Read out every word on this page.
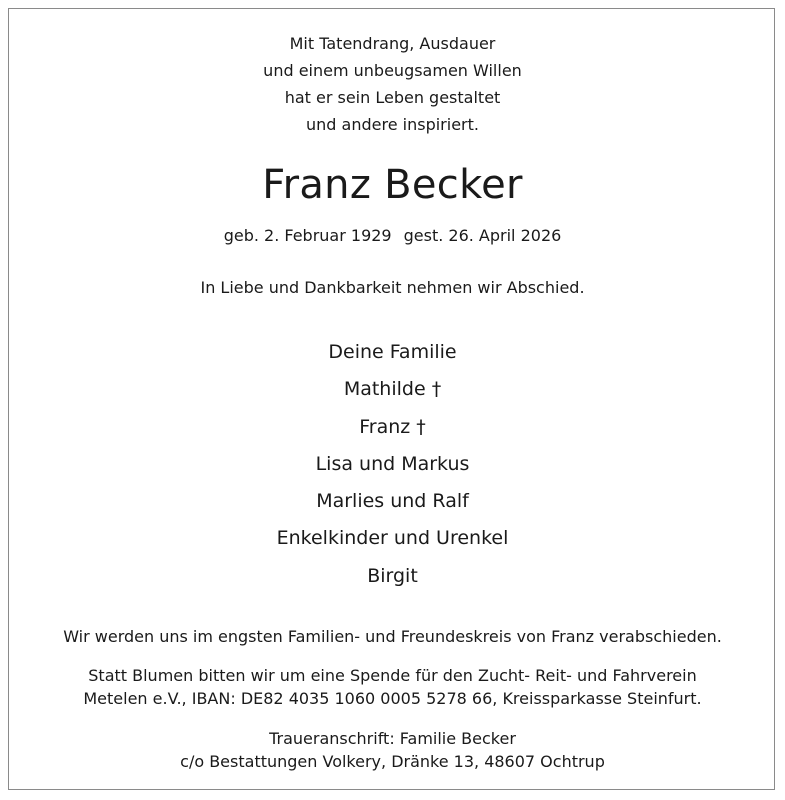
Mit Tatendrang, Ausdauer
und einem unbeugsamen Willen
hat er sein Leben gestaltet
und andere inspiriert.
Franz Becker
geb. 2. Februar 1929 gest. 26. April 2026
In Liebe und Dankbarkeit nehmen wir Abschied.
Deine Familie
Mathilde †
Franz †
Lisa und Markus
Marlies und Ralf
Enkelkinder und Urenkel
Birgit
Wir werden uns im engsten Familien- und Freundeskreis von Franz verabschieden.
Statt Blumen bitten wir um eine Spende für den Zucht- Reit- und Fahrverein
Metelen e.V., IBAN: DE82 4035 1060 0005 5278 66, Kreissparkasse Steinfurt.
Traueranschrift: Familie Becker
c/o Bestattungen Volkery, Dränke 13, 48607 Ochtrup
